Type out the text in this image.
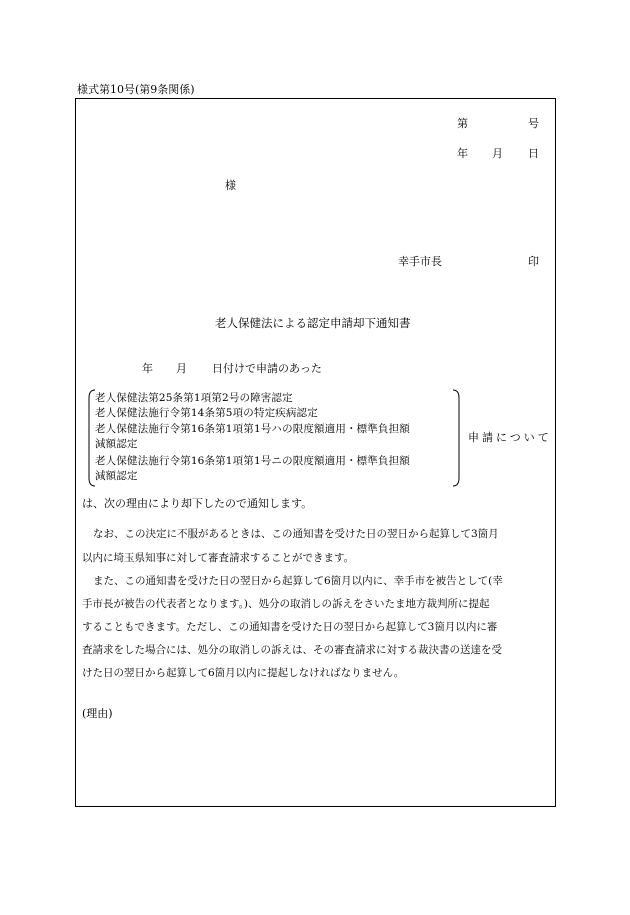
様式第10号(第9条関係)
第	号
年 月 日
様
幸手市長	印
老人保健法による認定申請却下通知書
年 月 日付けで申請のあった
老人保健法第25条第1項第2号の障害認定
老人保健法施行令第14条第5項の特定疾病認定
老人保健法施行令第16条第1項第1号ハの限度額適用・標準負担額
減額認定
老人保健法施行令第16条第1項第1号ニの限度額適用・標準負担額
減額認定
申請について
は、次の理由により却下したので通知します。
なお、この決定に不服があるときは、この通知書を受けた日の翌日から起算して3箇月
以内に埼玉県知事に対して審査請求することができます。
また、この通知書を受けた日の翌日から起算して6箇月以内に、幸手市を被告として(幸
手市長が被告の代表者となります。)、処分の取消しの訴えをさいたま地方裁判所に提起
することもできます。ただし、この通知書を受けた日の翌日から起算して3箇月以内に審
査請求をした場合には、処分の取消しの訴えは、その審査請求に対する裁決書の送達を受
けた日の翌日から起算して6箇月以内に提起しなければなりません。
(理由)
